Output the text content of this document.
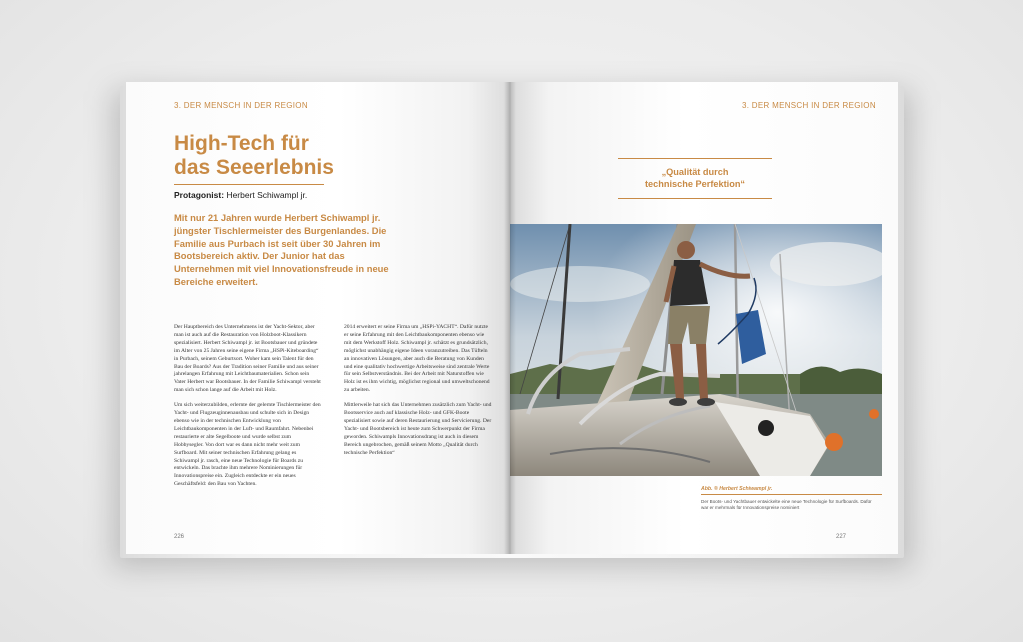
3. DER MENSCH IN DER REGION
High-Tech für
das Seeerlebnis
Protagonist: Herbert Schiwampl jr.

Mit nur 21 Jahren wurde Herbert Schiwampl jr. jüngster Tischlermeister des Burgenlandes. Die Familie aus Purbach ist seit über 30 Jahren im Bootsbereich aktiv. Der Junior hat das Unternehmen mit viel Innovationsfreude in neue Bereiche erweitert.

Der Hauptbereich des Unternehmens ist der Yacht-Sektor, aber man ist auch auf die Restauration von Holzboot-Klassikern spezialisiert. Herbert Schiwampl jr. ist Bootsbauer und gründete im Alter von 25 Jahren seine eigene Firma „HSPi-Kiteboarding“ in Purbach, seinem Geburtsort. Woher kam sein Talent für den Bau der Boards? Aus der Tradition seiner Familie und aus seiner jahrelangen Erfahrung mit Leichtbaumaterialien. Schon sein Vater Herbert war Bootsbauer. In der Familie Schiwampl versteht man sich schon lange auf die Arbeit mit Holz.

Um sich weiterzubilden, erlernte der gelernte Tischlermeister den Yacht- und Flugzeuginnenausbau und schulte sich in Design ebenso wie in der technischen Entwicklung von Leichtbaukomponenten in der Luft- und Raumfahrt. Nebenbei restaurierte er alte Segelboote und wurde selbst zum Hobbysegler. Von dort war es dann nicht mehr weit zum Surfboard. Mit seiner technischen Erfahrung gelang es Schiwampl jr. rasch, eine neue Technologie für Boards zu entwickeln. Das brachte ihm mehrere Nominierungen für Innovationspreise ein. Zugleich entdeckte er ein neues Geschäftsfeld: den Bau von Yachten.

2014 erweitert er seine Firma um „HSPi-YACHT“. Dafür nutzte er seine Erfahrung mit den Leichtbaukomponenten ebenso wie mit dem Werkstoff Holz. Schiwampl jr. schätzt es grundsätzlich, möglichst unabhängig eigene Ideen voranzutreiben. Das Tüfteln an innovativen Lösungen, aber auch die Beratung von Kunden und eine qualitativ hochwertige Arbeitsweise sind zentrale Werte für sein Selbstverständnis. Bei der Arbeit mit Naturstoffen wie Holz ist es ihm wichtig, möglichst regional und umweltschonend zu arbeiten.

Mittlerweile hat sich das Unternehmen zusätzlich zum Yacht- und Bootsservice auch auf klassische Holz- und GFK-Boote spezialisiert sowie auf deren Restaurierung und Servicierung. Der Yacht- und Bootsbereich ist heute zum Schwerpunkt der Firma geworden. Schiwampls Innovationsdrang ist auch in diesem Bereich ungebrochen, gemäß seinem Motto „Qualität durch technische Perfektion“

226
3. DER MENSCH IN DER REGION

„Qualität durch
technische Perfektion“

Abb. ® Herbert Schiwampl jr.

Der Boots- und Yachtbauer entwickelte eine neue Technologie für Surfboards. Dafür war er mehrmals für Innovationspreise nominiert

227
